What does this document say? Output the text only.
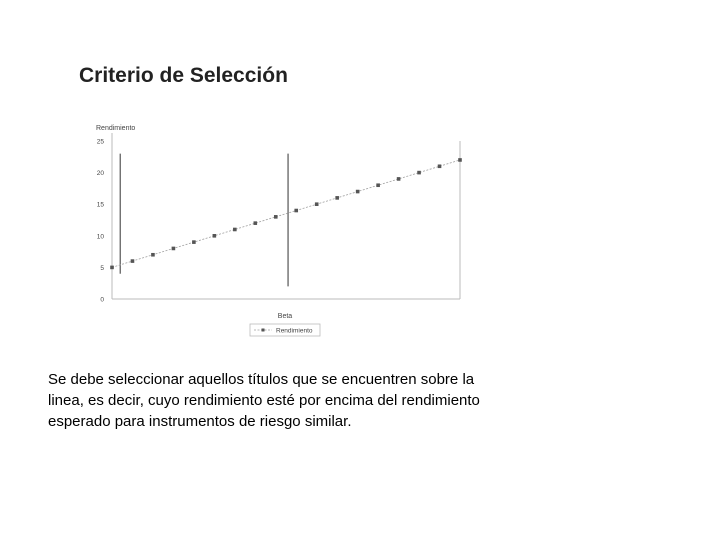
Criterio de Selección
Rendimiento
25
20
15
10
5
0
Beta
Rendimiento
Se debe seleccionar aquellos títulos que se encuentren sobre la
linea, es decir, cuyo rendimiento esté por encima del rendimiento
esperado para instrumentos de riesgo similar.
